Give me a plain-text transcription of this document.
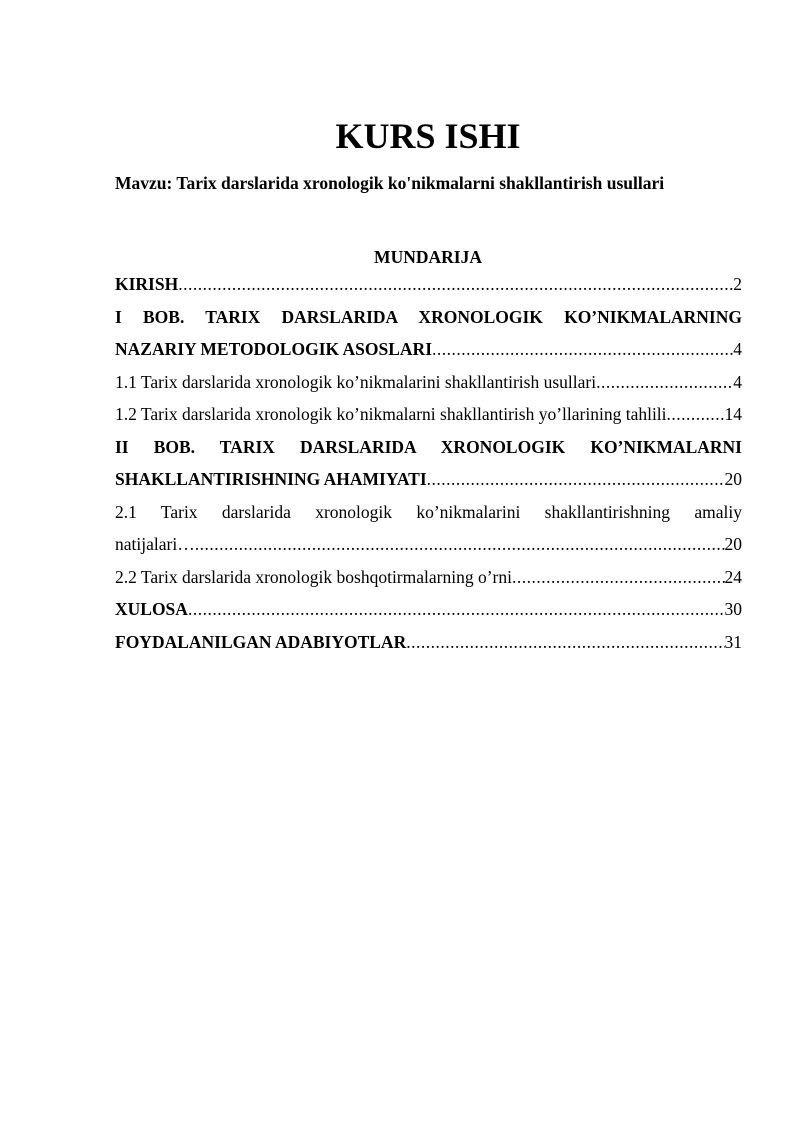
KURS ISHI
Mavzu: Tarix darslarida xronologik ko'nikmalarni shakllantirish usullari
MUNDARIJA
KIRISH .....	2
I BOB. TARIX DARSLARIDA XRONOLOGIK KO’NIKMALARNING
NAZARIY METODOLOGIK ASOSLARI .....	4
1.1 Tarix darslarida xronologik ko’nikmalarini shakllantirish usullari .....	4
1.2 Tarix darslarida xronologik ko’nikmalarni shakllantirish yo’llarining tahlili .....	14
II BOB. TARIX DARSLARIDA XRONOLOGIK KO’NIKMALARNI
SHAKLLANTIRISHNING AHAMIYATI .....	20
2.1 Tarix darslarida xronologik ko’nikmalarini shakllantirishning amaliy
natijalari… .....	20
2.2 Tarix darslarida xronologik boshqotirmalarning o’rni .....	24
XULOSA .....	30
FOYDALANILGAN ADABIYOTLAR .....	31
